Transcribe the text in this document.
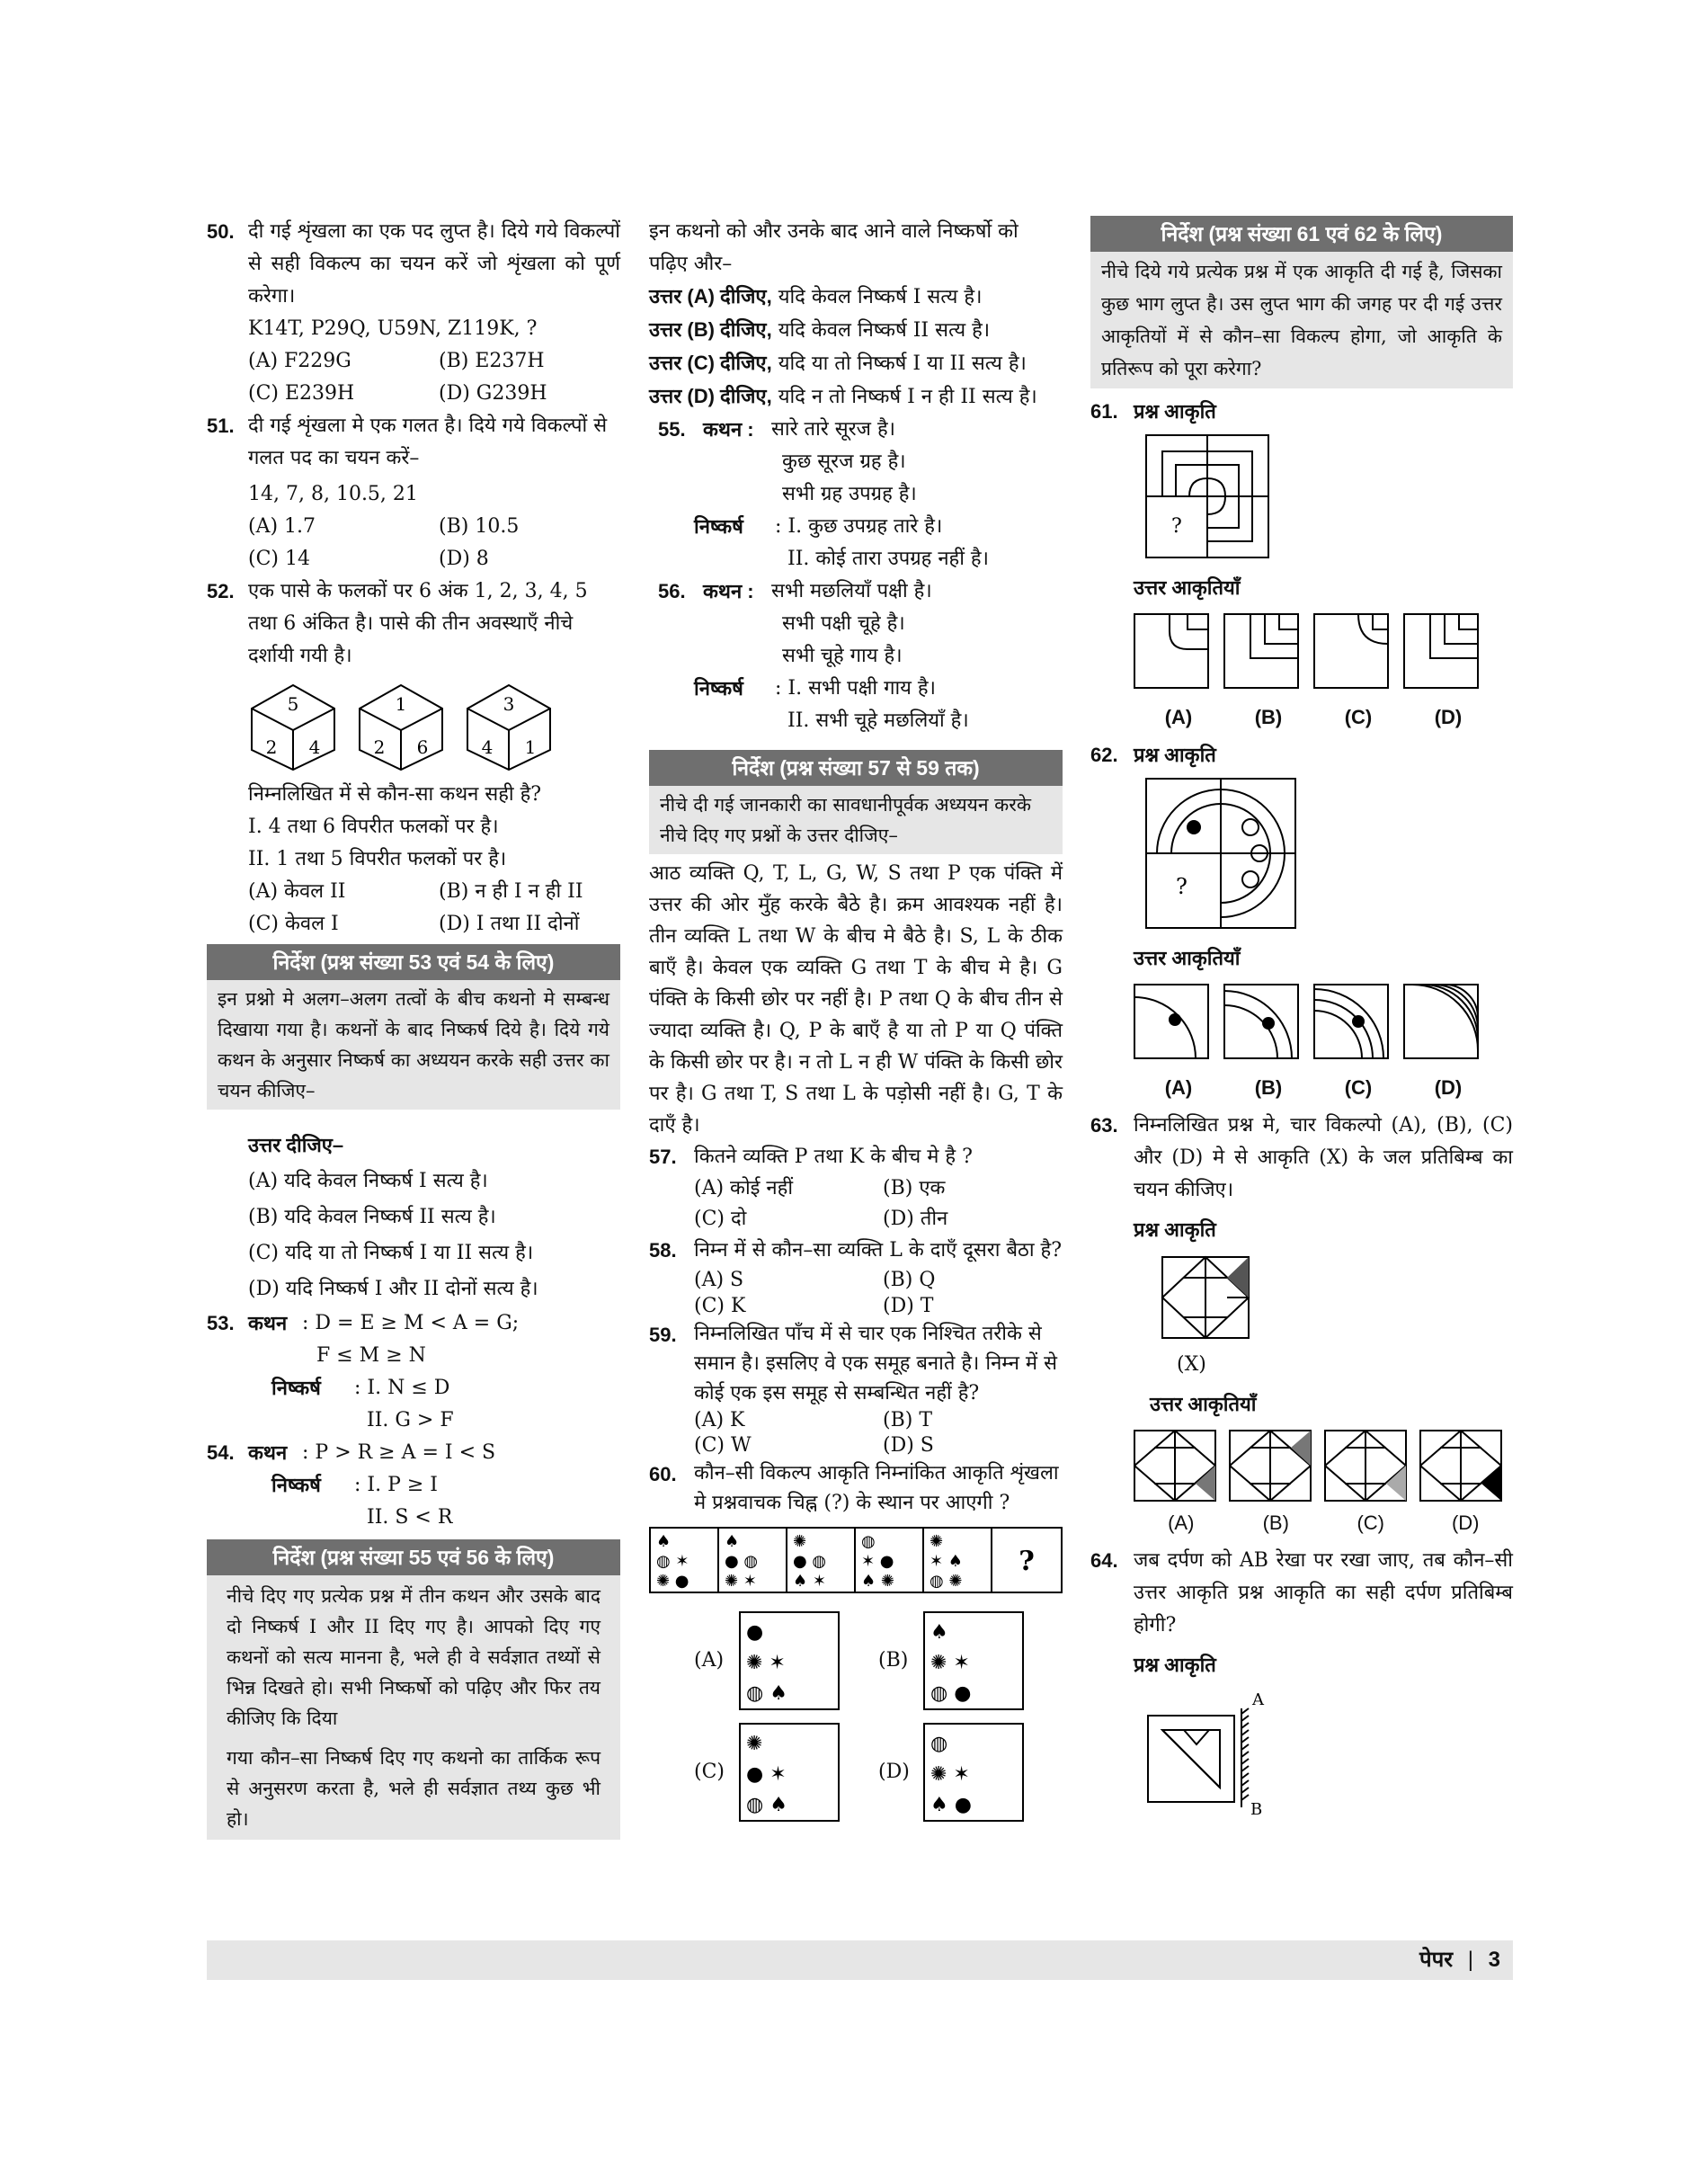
50. दी गई शृंखला का एक पद लुप्त है। दिये गये विकल्पों से सही विकल्प का चयन करें जो शृंखला को पूर्ण करेगा।
K14T, P29Q, U59N, Z119K, ?
(A) F229G	(B) E237H
(C) E239H	(D) G239H
51. दी गई शृंखला मे एक गलत है। दिये गये विकल्पों से गलत पद का चयन करें–
14, 7, 8, 10.5, 21
(A) 1.7	(B) 10.5
(C) 14	(D) 8
52. एक पासे के फलकों पर 6 अंक 1, 2, 3, 4, 5 तथा 6 अंकित है। पासे की तीन अवस्थाएँ नीचे दर्शायी गयी है।
5
2 4
1
2 6
3
4 1
निम्नलिखित में से कौन-सा कथन सही है?
I. 4 तथा 6 विपरीत फलकों पर है।
II. 1 तथा 5 विपरीत फलकों पर है।
(A) केवल II	(B) न ही I न ही II
(C) केवल I	(D) I तथा II दोनों
निर्देश (प्रश्न संख्या 53 एवं 54 के लिए)
इन प्रश्नो मे अलग–अलग तत्वों के बीच कथनो मे सम्बन्ध दिखाया गया है। कथनों के बाद निष्कर्ष दिये है। दिये गये कथन के अनुसार निष्कर्ष का अध्ययन करके सही उत्तर का चयन कीजिए–
उत्तर दीजिए–
(A) यदि केवल निष्कर्ष I सत्य है।
(B) यदि केवल निष्कर्ष II सत्य है।
(C) यदि या तो निष्कर्ष I या II सत्य है।
(D) यदि निष्कर्ष I और II दोनों सत्य है।
53. कथन : D = E ≥ M < A = G;
F ≤ M ≥ N
निष्कर्ष	: I. N ≤ D
II. G > F
54. कथन : P > R ≥ A = I < S
निष्कर्ष	: I. P ≥ I
II. S < R
निर्देश (प्रश्न संख्या 55 एवं 56 के लिए)
नीचे दिए गए प्रत्येक प्रश्न में तीन कथन और उसके बाद दो निष्कर्ष I और II दिए गए है। आपको दिए गए कथनों को सत्य मानना है, भले ही वे सर्वज्ञात तथ्यों से भिन्न दिखते हो। सभी निष्कर्षो को पढ़िए और फिर तय कीजिए कि दिया
गया कौन–सा निष्कर्ष दिए गए कथनो का तार्किक रूप से अनुसरण करता है, भले ही सर्वज्ञात तथ्य कुछ भी हो।
इन कथनो को और उनके बाद आने वाले निष्कर्षो को पढ़िए और–
उत्तर (A) दीजिए, यदि केवल निष्कर्ष I सत्य है।
उत्तर (B) दीजिए, यदि केवल निष्कर्ष II सत्य है।
उत्तर (C) दीजिए, यदि या तो निष्कर्ष I या II सत्य है।
उत्तर (D) दीजिए, यदि न तो निष्कर्ष I न ही II सत्य है।
55. कथन : सारे तारे सूरज है।
कुछ सूरज ग्रह है।
सभी ग्रह उपग्रह है।
निष्कर्ष	: I. कुछ उपग्रह तारे है।
II. कोई तारा उपग्रह नहीं है।
56. कथन : सभी मछलियाँ पक्षी है।
सभी पक्षी चूहे है।
सभी चूहे गाय है।
निष्कर्ष	: I. सभी पक्षी गाय है।
II. सभी चूहे मछलियाँ है।
निर्देश (प्रश्न संख्या 57 से 59 तक)
नीचे दी गई जानकारी का सावधानीपूर्वक अध्ययन करके नीचे दिए गए प्रश्नों के उत्तर दीजिए–
आठ व्यक्ति Q, T, L, G, W, S तथा P एक पंक्ति में उत्तर की ओर मुँह करके बैठे है। क्रम आवश्यक नहीं है। तीन व्यक्ति L तथा W के बीच मे बैठे है। S, L के ठीक बाएँ है। केवल एक व्यक्ति G तथा T के बीच मे है। G पंक्ति के किसी छोर पर नहीं है। P तथा Q के बीच तीन से ज्यादा व्यक्ति है। Q, P के बाएँ है या तो P या Q पंक्ति के किसी छोर पर है। न तो L न ही W पंक्ति के किसी छोर पर है। G तथा T, S तथा L के पड़ोसी नहीं है। G, T के दाएँ है।
57. कितने व्यक्ति P तथा K के बीच मे है ?
(A) कोई नहीं	(B) एक
(C) दो	(D) तीन
58. निम्न में से कौन–सा व्यक्ति L के दाएँ दूसरा बैठा है?
(A) S	(B) Q
(C) K	(D) T
59. निम्नलिखित पाँच में से चार एक निश्चित तरीके से समान है। इसलिए वे एक समूह बनाते है। निम्न में से कोई एक इस समूह से सम्बन्धित नहीं है?
(A) K	(B) T
(C) W	(D) S
60. कौन–सी विकल्प आकृति निम्नांकित आकृति शृंखला मे प्रश्नवाचक चिह्न (?) के स्थान पर आएगी ?
♠
◍ ✶
✺ ●
♠
● ◍
✺ ✶
✺
● ◍
♠ ✶
◍
✶ ●
♠ ✺
✺
✶ ♠
◍ ✺
?
(A)
●
✺ ✶
◍ ♠
(B)
♠
✺ ✶
◍ ●
(C)
✺
● ✶
◍ ♠
(D)
◍
✺ ✶
♠ ●
निर्देश (प्रश्न संख्या 61 एवं 62 के लिए)
नीचे दिये गये प्रत्येक प्रश्न में एक आकृति दी गई है, जिसका कुछ भाग लुप्त है। उस लुप्त भाग की जगह पर दी गई उत्तर आकृतियों में से कौन–सा विकल्प होगा, जो आकृति के प्रतिरूप को पूरा करेगा?
61. प्रश्न आकृति
?
उत्तर आकृतियाँ
(A)	(B)	(C)	(D)
62. प्रश्न आकृति
?
उत्तर आकृतियाँ
(A)	(B)	(C)	(D)
63. निम्नलिखित प्रश्न मे, चार विकल्पो (A), (B), (C) और (D) मे से आकृति (X) के जल प्रतिबिम्ब का चयन कीजिए।
प्रश्न आकृति
(X)
उत्तर आकृतियाँ
(A)	(B)	(C)	(D)
64. जब दर्पण को AB रेखा पर रखा जाए, तब कौन–सी उत्तर आकृति प्रश्न आकृति का सही दर्पण प्रतिबिम्ब होगी?
प्रश्न आकृति
A
B
पेपर | 3
